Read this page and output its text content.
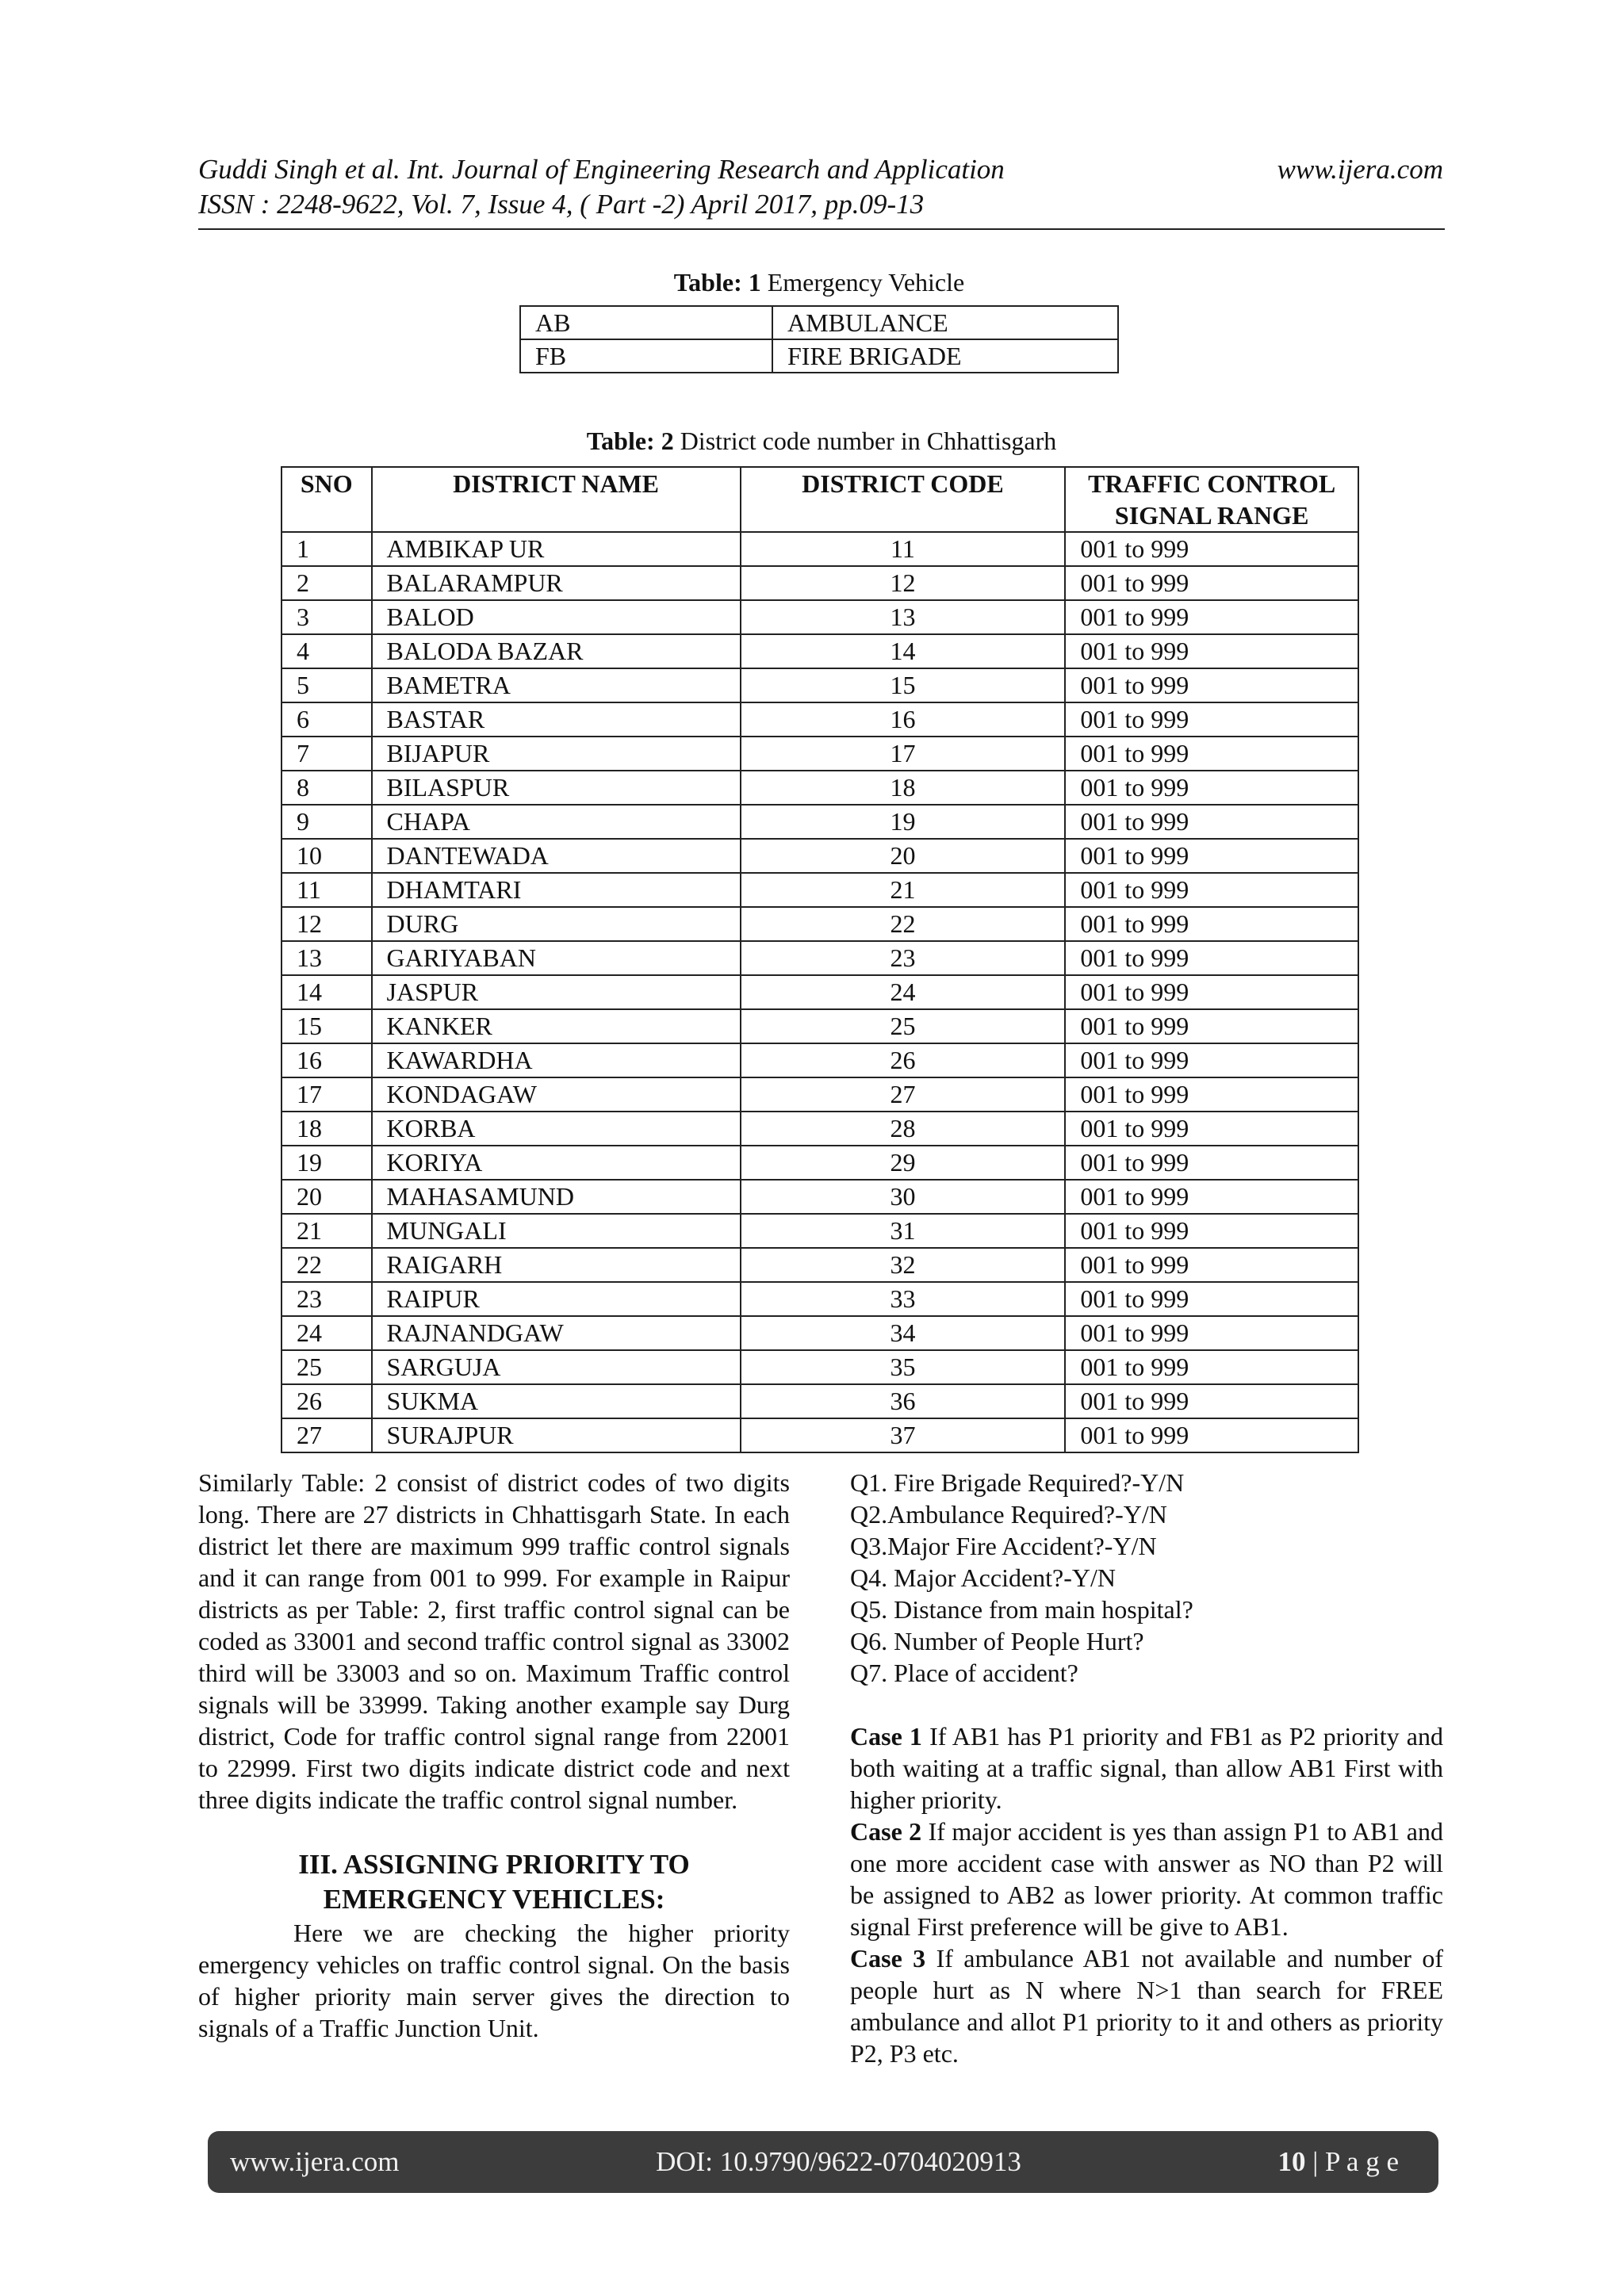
Guddi Singh et al. Int. Journal of Engineering Research and Application	www.ijera.com
ISSN : 2248-9622, Vol. 7, Issue 4, ( Part -2) April 2017, pp.09-13
Table: 1 Emergency Vehicle
AB	AMBULANCE
FB	FIRE BRIGADE
Table: 2 District code number in Chhattisgarh
SNO	DISTRICT NAME	DISTRICT CODE	TRAFFIC CONTROL
SIGNAL RANGE
1	AMBIKAP UR	11	001 to 999
2	BALARAMPUR	12	001 to 999
3	BALOD	13	001 to 999
4	BALODA BAZAR	14	001 to 999
5	BAMETRA	15	001 to 999
6	BASTAR	16	001 to 999
7	BIJAPUR	17	001 to 999
8	BILASPUR	18	001 to 999
9	CHAPA	19	001 to 999
10	DANTEWADA	20	001 to 999
11	DHAMTARI	21	001 to 999
12	DURG	22	001 to 999
13	GARIYABAN	23	001 to 999
14	JASPUR	24	001 to 999
15	KANKER	25	001 to 999
16	KAWARDHA	26	001 to 999
17	KONDAGAW	27	001 to 999
18	KORBA	28	001 to 999
19	KORIYA	29	001 to 999
20	MAHASAMUND	30	001 to 999
21	MUNGALI	31	001 to 999
22	RAIGARH	32	001 to 999
23	RAIPUR	33	001 to 999
24	RAJNANDGAW	34	001 to 999
25	SARGUJA	35	001 to 999
26	SUKMA	36	001 to 999
27	SURAJPUR	37	001 to 999

Similarly Table: 2 consist of district codes of two digits long. There are 27 districts in Chhattisgarh State. In each district let there are maximum 999 traffic control signals and it can range from 001 to 999. For example in Raipur districts as per Table: 2, first traffic control signal can be coded as 33001 and second traffic control signal as 33002 third will be 33003 and so on. Maximum Traffic control signals will be 33999. Taking another example say Durg district, Code for traffic control signal range from 22001 to 22999. First two digits indicate district code and next three digits indicate the traffic control signal number.

III. ASSIGNING PRIORITY TO
EMERGENCY VEHICLES:

Here we are checking the higher priority emergency vehicles on traffic control signal. On the basis of higher priority main server gives the direction to signals of a Traffic Junction Unit.

Q1. Fire Brigade Required?-Y/N

Q2.Ambulance Required?-Y/N

Q3.Major Fire Accident?-Y/N

Q4. Major Accident?-Y/N

Q5. Distance from main hospital?

Q6. Number of People Hurt?

Q7. Place of accident?

Case 1 If AB1 has P1 priority and FB1 as P2 priority and both waiting at a traffic signal, than allow AB1 First with higher priority.

Case 2 If major accident is yes than assign P1 to AB1 and one more accident case with answer as NO than P2 will be assigned to AB2 as lower priority. At common traffic signal First preference will be give to AB1.

Case 3 If ambulance AB1 not available and number of people hurt as N where N>1 than search for FREE ambulance and allot P1 priority to it and others as priority P2, P3 etc.

www.ijera.com	DOI: 10.9790/9622-0704020913	10 | P a g e
